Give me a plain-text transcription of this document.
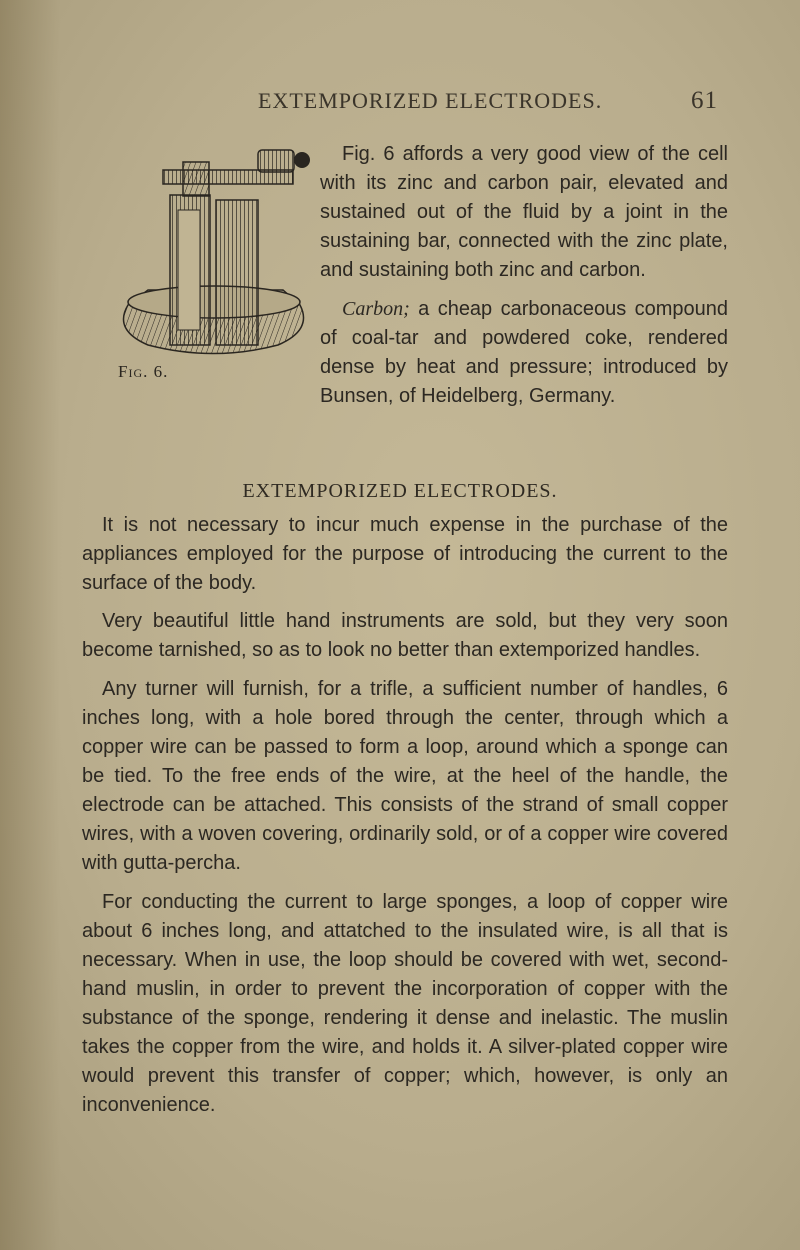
EXTEMPORIZED ELECTRODES.	61
Fig. 6.

Fig. 6 affords a very good view of the cell with its zinc and carbon pair, elevated and sustained out of the fluid by a joint in the sustaining bar, connected with the zinc plate, and sustaining both zinc and carbon.

Carbon; a cheap carbonaceous compound of coal-tar and powdered coke, rendered dense by heat and pressure; introduced by Bunsen, of Heidelberg, Germany.

EXTEMPORIZED ELECTRODES.

It is not necessary to incur much expense in the purchase of the appliances employed for the purpose of introducing the current to the surface of the body.

Very beautiful little hand instruments are sold, but they very soon become tarnished, so as to look no better than extemporized handles.

Any turner will furnish, for a trifle, a sufficient number of handles, 6 inches long, with a hole bored through the center, through which a copper wire can be passed to form a loop, around which a sponge can be tied. To the free ends of the wire, at the heel of the handle, the electrode can be attached. This consists of the strand of small copper wires, with a woven covering, ordinarily sold, or of a copper wire covered with gutta-percha.

For conducting the current to large sponges, a loop of copper wire about 6 inches long, and attatched to the insulated wire, is all that is necessary. When in use, the loop should be covered with wet, second-hand muslin, in order to prevent the incorporation of copper with the substance of the sponge, rendering it dense and inelastic. The muslin takes the copper from the wire, and holds it. A silver-plated copper wire would prevent this transfer of copper; which, however, is only an inconvenience.
